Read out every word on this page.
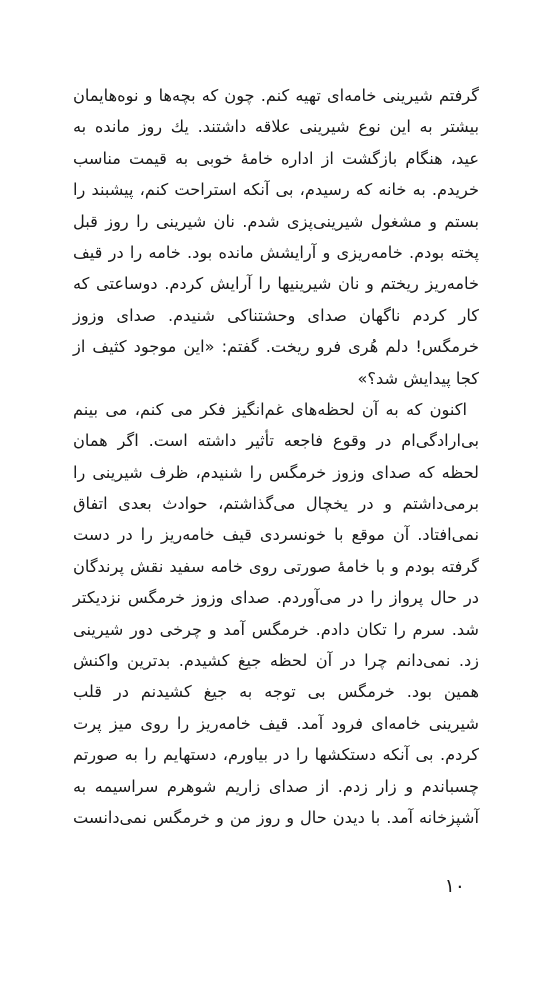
گرفتم شیرینی خامه‌ای تهیه کنم. چون که بچه‌ها و نوه‌هایمان
بیشتر به این نوع شیرینی علاقه داشتند. یك روز مانده به
عید، هنگام بازگشت از اداره خامهٔ خوبی به قیمت مناسب
خریدم. به خانه که رسیدم، بی آنکه استراحت کنم، پیشبند را
بستم و مشغول شیرینی‌پزی شدم. نان شیرینی را روز قبل
پخته بودم. خامه‌ریزی و آرایشش مانده بود. خامه را در قیف
خامه‌ریز ریختم و نان شیرینیها را آرایش کردم. دوساعتی که
کار کردم ناگهان صدای وحشتناکی شنیدم. صدای وزوز
خرمگس! دلم هُری فرو ریخت. گفتم: «این موجود کثیف از
کجا پیدایش شد؟»
اکنون که به آن لحظه‌های غم‌انگیز فکر می کنم، می بینم
بی‌ارادگی‌ام در وقوع فاجعه تأثیر داشته است. اگر همان
لحظه که صدای وزوز خرمگس را شنیدم، ظرف شیرینی را
برمی‌داشتم و در یخچال می‌گذاشتم، حوادث بعدی اتفاق
نمی‌افتاد. آن موقع با خونسردی قیف خامه‌ریز را در دست
گرفته بودم و با خامهٔ صورتی روی خامه سفید نقش پرندگان
در حال پرواز را در می‌آوردم. صدای وزوز خرمگس نزدیکتر
شد. سرم را تکان دادم. خرمگس آمد و چرخی دور شیرینی
زد. نمی‌دانم چرا در آن لحظه جیغ کشیدم. بدترین واکنش
همین بود. خرمگس بی توجه به جیغ کشیدنم در قلب
شیرینی خامه‌ای فرود آمد. قیف خامه‌ریز را روی میز پرت
کردم. بی آنکه دستکشها را در بیاورم، دستهایم را به صورتم
چسباندم و زار زدم. از صدای زاریم شوهرم سراسیمه به
آشپزخانه آمد. با دیدن حال و روز من و خرمگس نمی‌دانست
۱۰
